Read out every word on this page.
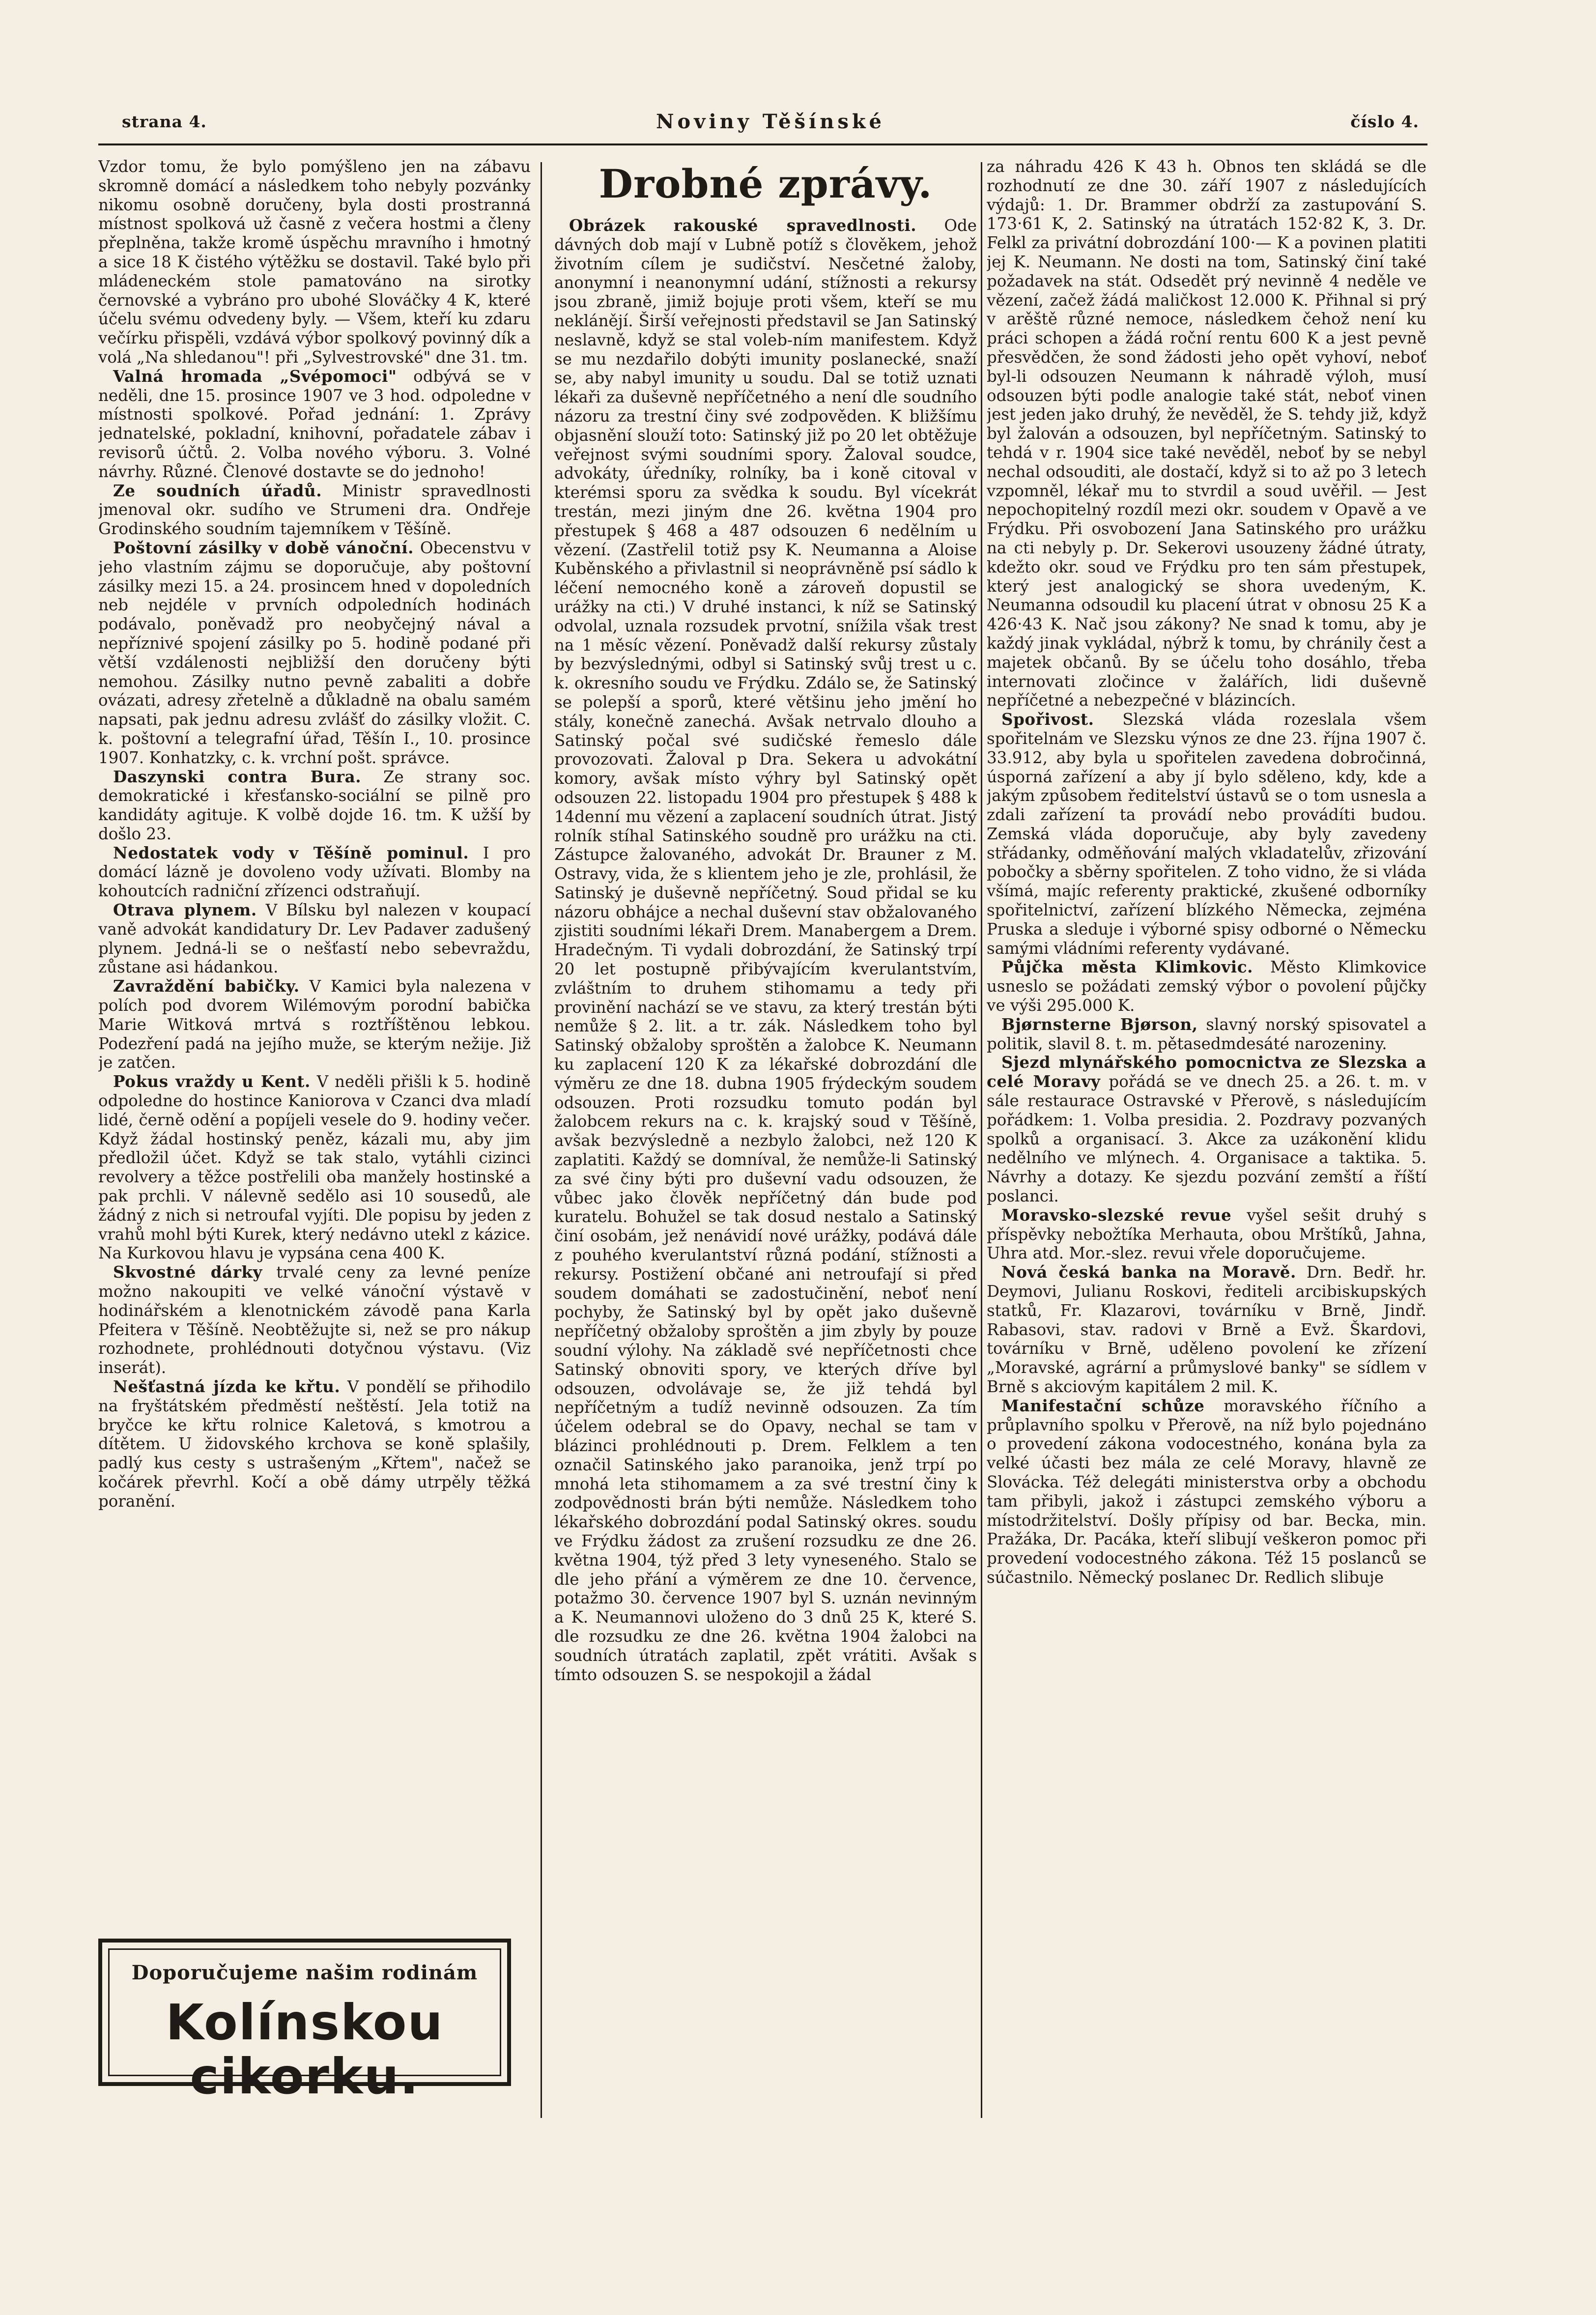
strana 4.	Noviny Těšínské	číslo 4.

Vzdor tomu, že bylo pomýšleno jen na zábavu skromně domácí a následkem toho nebyly pozvánky nikomu osobně doručeny, byla dosti prostranná místnost spolková už časně z večera hostmi a členy přeplněna, takže kromě úspěchu mravního i hmotný a sice 18 K čistého výtěžku se dostavil. Také bylo při mládeneckém stole pamatováno na sirotky černovské a vybráno pro ubohé Slováčky 4 K, které účelu svému odvedeny byly. — Všem, kteří ku zdaru večírku přispěli, vzdává výbor spolkový povinný dík a volá „Na shledanou"! při „Sylvestrovské" dne 31. tm.

Valná hromada „Svépomoci" odbývá se v neděli, dne 15. prosince 1907 ve 3 hod. odpoledne v místnosti spolkové. Pořad jednání: 1. Zprávy jednatelské, pokladní, knihovní, pořadatele zábav i revisorů účtů. 2. Volba nového výboru. 3. Volné návrhy. Různé. Členové dostavte se do jednoho!

Ze soudních úřadů. Ministr spravedlnosti jmenoval okr. sudího ve Strumeni dra. Ondřeje Grodinského soudním tajemníkem v Těšíně.

Poštovní zásilky v době vánoční. Obecenstvu v jeho vlastním zájmu se doporučuje, aby poštovní zásilky mezi 15. a 24. prosincem hned v dopoledních neb nejdéle v prvních odpoledních hodinách podávalo, poněvadž pro neobyčejný nával a nepříznivé spojení zásilky po 5. hodině podané při větší vzdálenosti nejbližší den doručeny býti nemohou. Zásilky nutno pevně zabaliti a dobře ovázati, adresy zřetelně a důkladně na obalu samém napsati, pak jednu adresu zvlášť do zásilky vložit. C. k. poštovní a telegrafní úřad, Těšín I., 10. prosince 1907. Konhatzky, c. k. vrchní pošt. správce.

Daszynski contra Bura. Ze strany soc. demokratické i křesťansko-sociální se pilně pro kandidáty agituje. K volbě dojde 16. tm. K užší by došlo 23.

Nedostatek vody v Těšíně pominul. I pro domácí lázně je dovoleno vody užívati. Blomby na kohoutcích radniční zřízenci odstraňují.

Otrava plynem. V Bílsku byl nalezen v koupací vaně advokát kandidatury Dr. Lev Padaver zadušený plynem. Jedná-li se o nešťastí nebo sebevraždu, zůstane asi hádankou.

Zavraždění babičky. V Kamici byla nalezena v polích pod dvorem Wilémovým porodní babička Marie Witková mrtvá s roztříštěnou lebkou. Podezření padá na jejího muže, se kterým nežije. Již je zatčen.

Pokus vraždy u Kent. V neděli přišli k 5. hodině odpoledne do hostince Kaniorova v Czanci dva mladí lidé, černě odění a popíjeli vesele do 9. hodiny večer. Když žádal hostinský peněz, kázali mu, aby jim předložil účet. Když se tak stalo, vytáhli cizinci revolvery a těžce postřelili oba manžely hostinské a pak prchli. V nálevně sedělo asi 10 sousedů, ale žádný z nich si netroufal vyjíti. Dle popisu by jeden z vrahů mohl býti Kurek, který nedávno utekl z kázice. Na Kurkovou hlavu je vypsána cena 400 K.

Skvostné dárky trvalé ceny za levné peníze možno nakoupiti ve velké vánoční výstavě v hodinářském a klenotnickém závodě pana Karla Pfeitera v Těšíně. Neobtěžujte si, než se pro nákup rozhodnete, prohlédnouti dotyčnou výstavu. (Viz inserát).

Nešťastná jízda ke křtu. V pondělí se přihodilo na fryštátském předměstí neštěstí. Jela totiž na bryčce ke křtu rolnice Kaletová, s kmotrou a dítětem. U židovského krchova se koně splašily, padlý kus cesty s ustrašeným „Křtem", načež se kočárek převrhl. Kočí a obě dámy utrpěly těžká poranění.

Doporučujeme našim rodinám
Kolínskou cikorku.
Drobné zprávy.

Obrázek rakouské spravedlnosti. Ode dávných dob mají v Lubně potíž s člověkem, jehož životním cílem je sudičství. Nesčetné žaloby, anonymní i neanonymní udání, stížnosti a rekursy jsou zbraně, jimiž bojuje proti všem, kteří se mu neklánějí. Širší veřejnosti představil se Jan Satinský neslavně, když se stal voleb-ním manifestem. Když se mu nezdařilo dobýti imunity poslanecké, snaží se, aby nabyl imunity u soudu. Dal se totiž uznati lékaři za duševně nepříčetného a není dle soudního názoru za trestní činy své zodpověden. K bližšímu objasnění slouží toto: Satinský již po 20 let obtěžuje veřejnost svými soudními spory. Žaloval soudce, advokáty, úředníky, rolníky, ba i koně citoval v kterémsi sporu za svědka k soudu. Byl vícekrát trestán, mezi jiným dne 26. května 1904 pro přestupek § 468 a 487 odsouzen 6 nedělním u vězení. (Zastřelil totiž psy K. Neumanna a Aloise Kuběnského a přivlastnil si neoprávněně psí sádlo k léčení nemocného koně a zároveň dopustil se urážky na cti.) V druhé instanci, k níž se Satinský odvolal, uznala rozsudek prvotní, snížila však trest na 1 měsíc vězení. Poněvadž další rekursy zůstaly by bezvýslednými, odbyl si Satinský svůj trest u c. k. okresního soudu ve Frýdku. Zdálo se, že Satinský se polepší a sporů, které většinu jeho jmění ho stály, konečně zanechá. Avšak netrvalo dlouho a Satinský počal své sudičské řemeslo dále provozovati. Žaloval p Dra. Sekera u advokátní komory, avšak místo výhry byl Satinský opět odsouzen 22. listopadu 1904 pro přestupek § 488 k 14denní mu vězení a zaplacení soudních útrat. Jistý rolník stíhal Satinského soudně pro urážku na cti. Zástupce žalovaného, advokát Dr. Brauner z M. Ostravy, vida, že s klientem jeho je zle, prohlásil, že Satinský je duševně nepříčetný. Soud přidal se ku názoru obhájce a nechal duševní stav obžalovaného zjistiti soudními lékaři Drem. Manabergem a Drem. Hradečným. Ti vydali dobrozdání, že Satinský trpí 20 let postupně přibývajícím kverulantstvím, zvláštním to druhem stihomamu a tedy při provinění nachází se ve stavu, za který trestán býti nemůže § 2. lit. a tr. zák. Následkem toho byl Satinský obžaloby sproštěn a žalobce K. Neumann ku zaplacení 120 K za lékařské dobrozdání dle výměru ze dne 18. dubna 1905 frýdeckým soudem odsouzen. Proti rozsudku tomuto podán byl žalobcem rekurs na c. k. krajský soud v Těšíně, avšak bezvýsledně a nezbylo žalobci, než 120 K zaplatiti. Každý se domníval, že nemůže-li Satinský za své činy býti pro duševní vadu odsouzen, že vůbec jako člověk nepříčetný dán bude pod kuratelu. Bohužel se tak dosud nestalo a Satinský činí osobám, jež nenávidí nové urážky, podává dále z pouhého kverulantství různá podání, stížnosti a rekursy. Postižení občané ani netroufají si před soudem domáhati se zadostučinění, neboť není pochyby, že Satinský byl by opět jako duševně nepříčetný obžaloby sproštěn a jim zbyly by pouze soudní výlohy. Na základě své nepříčetnosti chce Satinský obnoviti spory, ve kterých dříve byl odsouzen, odvolávaje se, že již tehdá byl nepříčetným a tudíž nevinně odsouzen. Za tím účelem odebral se do Opavy, nechal se tam v blázinci prohlédnouti p. Drem. Felklem a ten označil Satinského jako paranoika, jenž trpí po mnohá leta stihomamem a za své trestní činy k zodpovědnosti brán býti nemůže. Následkem toho lékařského dobrozdání podal Satinský okres. soudu ve Frýdku žádost za zrušení rozsudku ze dne 26. května 1904, týž před 3 lety vyneseného. Stalo se dle jeho přání a výměrem ze dne 10. července, potažmo 30. července 1907 byl S. uznán nevinným a K. Neumannovi uloženo do 3 dnů 25 K, které S. dle rozsudku ze dne 26. května 1904 žalobci na soudních útratách zaplatil, zpět vrátiti. Avšak s tímto odsouzen S. se nespokojil a žádal

za náhradu 426 K 43 h. Obnos ten skládá se dle rozhodnutí ze dne 30. září 1907 z následujících výdajů: 1. Dr. Brammer obdrží za zastupování S. 173·61 K, 2. Satinský na útratách 152·82 K, 3. Dr. Felkl za privátní dobrozdání 100·— K a povinen platiti jej K. Neumann. Ne dosti na tom, Satinský činí také požadavek na stát. Odsedět prý nevinně 4 neděle ve vězení, začež žádá maličkost 12.000 K. Přihnal si prý v arěště různé nemoce, následkem čehož není ku práci schopen a žádá roční rentu 600 K a jest pevně přesvědčen, že sond žádosti jeho opět vyhoví, neboť byl-li odsouzen Neumann k náhradě výloh, musí odsouzen býti podle analogie také stát, neboť vinen jest jeden jako druhý, že nevěděl, že S. tehdy již, když byl žalován a odsouzen, byl nepříčetným. Satinský to tehdá v r. 1904 sice také nevěděl, neboť by se nebyl nechal odsouditi, ale dostačí, když si to až po 3 letech vzpomněl, lékař mu to stvrdil a soud uvěřil. — Jest nepochopitelný rozdíl mezi okr. soudem v Opavě a ve Frýdku. Při osvobození Jana Satinského pro urážku na cti nebyly p. Dr. Sekerovi usouzeny žádné útraty, kdežto okr. soud ve Frýdku pro ten sám přestupek, který jest analogický se shora uvedeným, K. Neumanna odsoudil ku placení útrat v obnosu 25 K a 426·43 K. Nač jsou zákony? Ne snad k tomu, aby je každý jinak vykládal, nýbrž k tomu, by chránily čest a majetek občanů. By se účelu toho dosáhlo, třeba internovati zločince v žalářích, lidi duševně nepříčetné a nebezpečné v blázincích.

Spořivost. Slezská vláda rozeslala všem spořitelnám ve Slezsku výnos ze dne 23. října 1907 č. 33.912, aby byla u spořitelen zavedena dobročinná, úsporná zařízení a aby jí bylo sděleno, kdy, kde a jakým způsobem ředitelství ústavů se o tom usnesla a zdali zařízení ta provádí nebo provádíti budou. Zemská vláda doporučuje, aby byly zavedeny střádanky, odměňování malých vkladatelův, zřizování pobočky a sběrny spořitelen. Z toho vidno, že si vláda všímá, majíc referenty praktické, zkušené odborníky spořitelnictví, zařízení blízkého Německa, zejména Pruska a sleduje i výborné spisy odborné o Německu samými vládními referenty vydávané.

Půjčka města Klimkovic. Město Klimkovice usneslo se požádati zemský výbor o povolení půjčky ve výši 295.000 K.

Bjørnsterne Bjørson, slavný norský spisovatel a politik, slavil 8. t. m. pětasedmdesáté narozeniny.

Sjezd mlynářského pomocnictva ze Slezska a celé Moravy pořádá se ve dnech 25. a 26. t. m. v sále restaurace Ostravské v Přerově, s následujícím pořádkem: 1. Volba presidia. 2. Pozdravy pozvaných spolků a organisací. 3. Akce za uzákonění klidu nedělního ve mlýnech. 4. Organisace a taktika. 5. Návrhy a dotazy. Ke sjezdu pozvání zemští a říští poslanci.

Moravsko-slezské revue vyšel sešit druhý s příspěvky nebožtíka Merhauta, obou Mrštíků, Jahna, Uhra atd. Mor.-slez. revui vřele doporučujeme.

Nová česká banka na Moravě. Drn. Bedř. hr. Deymovi, Julianu Roskovi, řediteli arcibiskupských statků, Fr. Klazarovi, továrníku v Brně, Jindř. Rabasovi, stav. radovi v Brně a Evž. Škardovi, továrníku v Brně, uděleno povolení ke zřízení „Moravské, agrární a průmyslové banky" se sídlem v Brně s akciovým kapitálem 2 mil. K.

Manifestační schůze moravského říčního a průplavního spolku v Přerově, na níž bylo pojednáno o provedení zákona vodocestného, konána byla za velké účasti bez mála ze celé Moravy, hlavně ze Slovácka. Též delegáti ministerstva orby a obchodu tam přibyli, jakož i zástupci zemského výboru a místodržitelství. Došly přípisy od bar. Becka, min. Pražáka, Dr. Pacáka, kteří slibují veškeron pomoc při provedení vodocestného zákona. Též 15 poslanců se súčastnilo. Německý poslanec Dr. Redlich slibuje
